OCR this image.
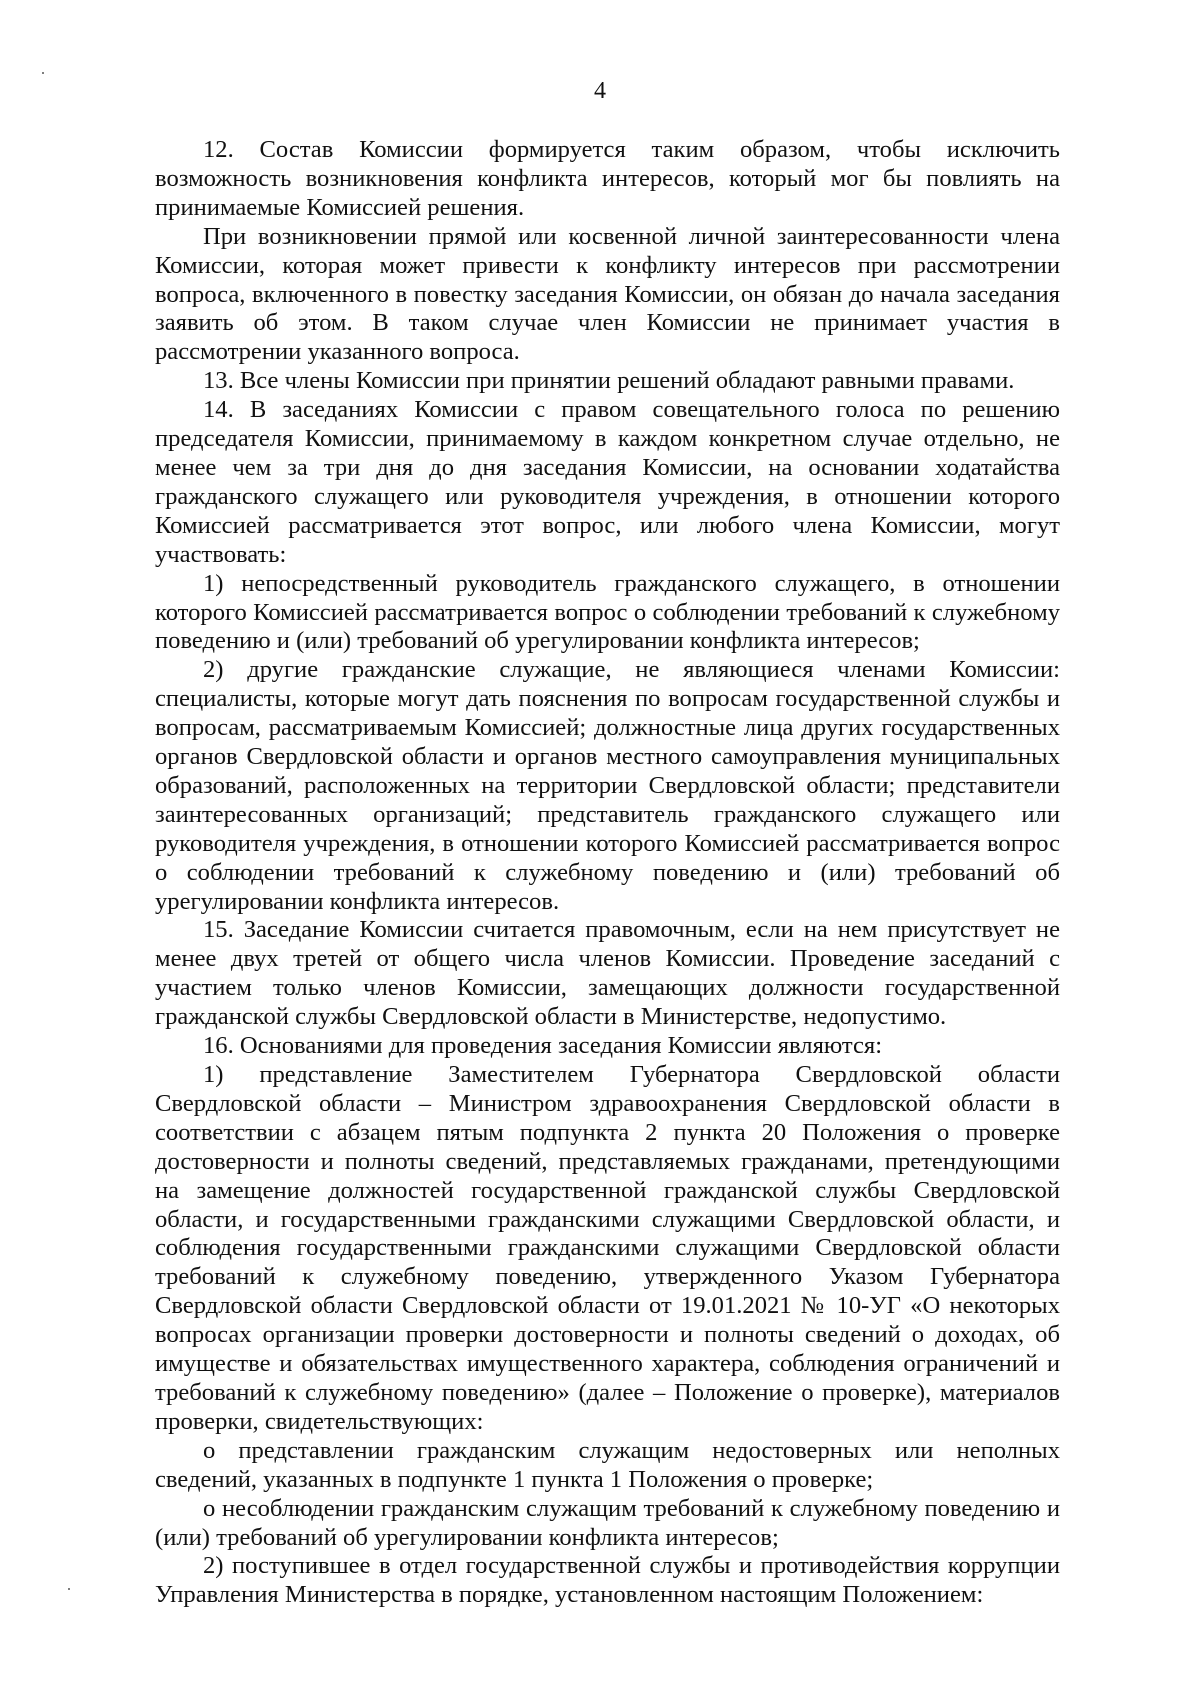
4

12. Состав Комиссии формируется таким образом, чтобы исключить возможность возникновения конфликта интересов, который мог бы повлиять на принимаемые Комиссией решения.

При возникновении прямой или косвенной личной заинтересованности члена Комиссии, которая может привести к конфликту интересов при рассмотрении вопроса, включенного в повестку заседания Комиссии, он обязан до начала заседания заявить об этом. В таком случае член Комиссии не принимает участия в рассмотрении указанного вопроса.

13. Все члены Комиссии при принятии решений обладают равными правами.

14. В заседаниях Комиссии с правом совещательного голоса по решению председателя Комиссии, принимаемому в каждом конкретном случае отдельно, не менее чем за три дня до дня заседания Комиссии, на основании ходатайства гражданского служащего или руководителя учреждения, в отношении которого Комиссией рассматривается этот вопрос, или любого члена Комиссии, могут участвовать:

1) непосредственный руководитель гражданского служащего, в отношении которого Комиссией рассматривается вопрос о соблюдении требований к служебному поведению и (или) требований об урегулировании конфликта интересов;

2) другие гражданские служащие, не являющиеся членами Комиссии: специалисты, которые могут дать пояснения по вопросам государственной службы и вопросам, рассматриваемым Комиссией; должностные лица других государственных органов Свердловской области и органов местного самоуправления муниципальных образований, расположенных на территории Свердловской области; представители заинтересованных организаций; представитель гражданского служащего или руководителя учреждения, в отношении которого Комиссией рассматривается вопрос о соблюдении требований к служебному поведению и (или) требований об урегулировании конфликта интересов.

15. Заседание Комиссии считается правомочным, если на нем присутствует не менее двух третей от общего числа членов Комиссии. Проведение заседаний с участием только членов Комиссии, замещающих должности государственной гражданской службы Свердловской области в Министерстве, недопустимо.

16. Основаниями для проведения заседания Комиссии являются:

1) представление Заместителем Губернатора Свердловской области Свердловской области – Министром здравоохранения Свердловской области в соответствии с абзацем пятым подпункта 2 пункта 20 Положения о проверке достоверности и полноты сведений, представляемых гражданами, претендующими на замещение должностей государственной гражданской службы Свердловской области, и государственными гражданскими служащими Свердловской области, и соблюдения государственными гражданскими служащими Свердловской области требований к служебному поведению, утвержденного Указом Губернатора Свердловской области Свердловской области от 19.01.2021 № 10-УГ «О некоторых вопросах организации проверки достоверности и полноты сведений о доходах, об имуществе и обязательствах имущественного характера, соблюдения ограничений и требований к служебному поведению» (далее – Положение о проверке), материалов проверки, свидетельствующих:

о представлении гражданским служащим недостоверных или неполных сведений, указанных в подпункте 1 пункта 1 Положения о проверке;

о несоблюдении гражданским служащим требований к служебному поведению и (или) требований об урегулировании конфликта интересов;

2) поступившее в отдел государственной службы и противодействия коррупции Управления Министерства в порядке, установленном настоящим Положением:
